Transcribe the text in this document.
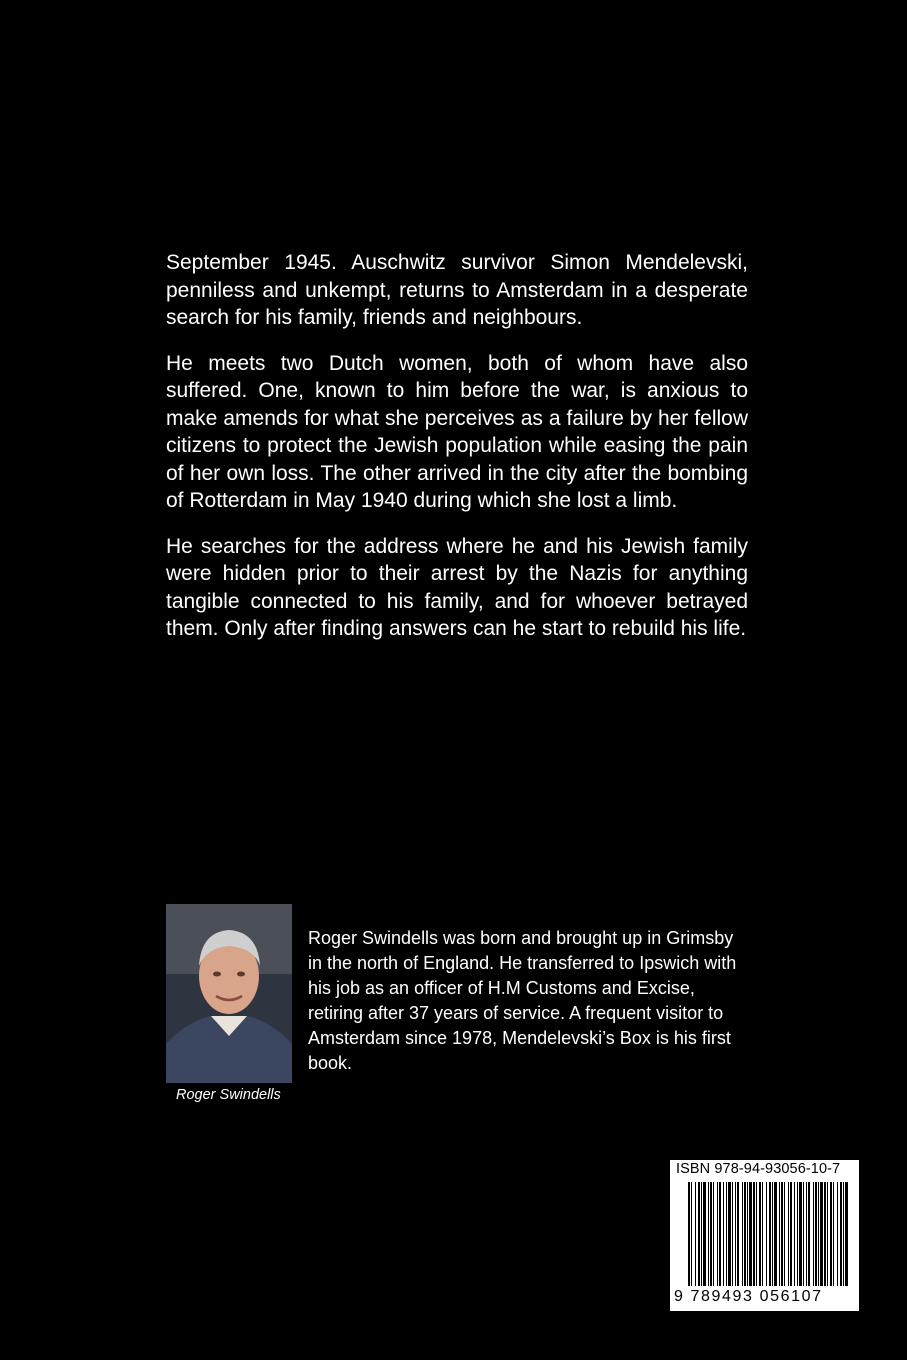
September 1945. Auschwitz survivor Simon Mendelevski, penniless and unkempt, returns to Amsterdam in a desperate search for his family, friends and neighbours.

He meets two Dutch women, both of whom have also suffered. One, known to him before the war, is anxious to make amends for what she perceives as a failure by her fellow citizens to protect the Jewish population while easing the pain of her own loss. The other arrived in the city after the bombing of Rotterdam in May 1940 during which she lost a limb.

He searches for the address where he and his Jewish family were hidden prior to their arrest by the Nazis for anything tangible connected to his family, and for whoever betrayed them. Only after finding answers can he start to rebuild his life.

Roger Swindells
Roger Swindells was born and brought up in Grimsby in the north of England. He transferred to Ipswich with his job as an officer of H.M Customs and Excise, retiring after 37 years of service. A frequent visitor to Amsterdam since 1978, Mendelevski’s Box is his first book.
ISBN 978-94-93056-10-7
9 789493 056107
